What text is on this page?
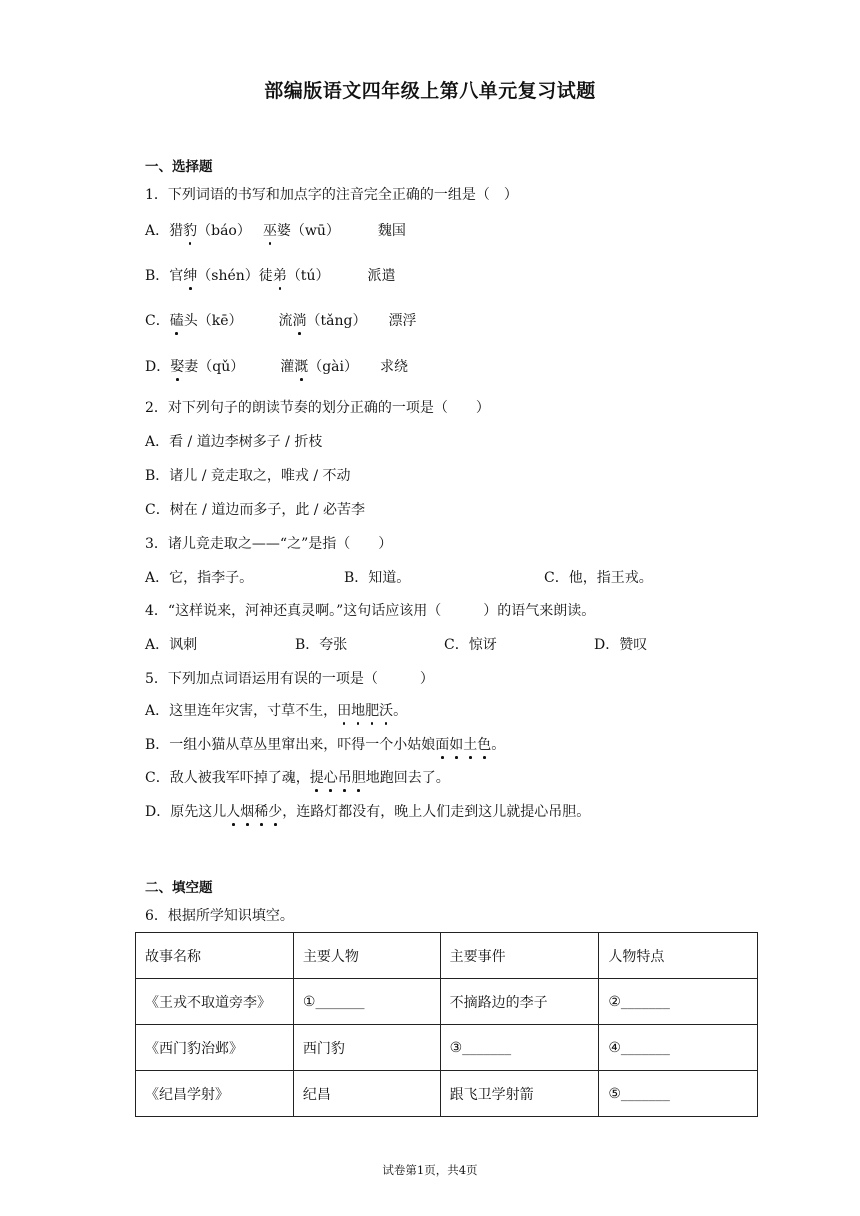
部编版语文四年级上第八单元复习试题
一、选择题
1．下列词语的书写和加点字的注音完全正确的一组是（　）
A．猎豹（báo） 巫婆（wū）	魏国
B．官绅（shén）徒弟（tú）	派遣
C．磕头（kē）	流淌（tǎng） 漂浮
D．娶妻（qǔ）	灌溉（gài） 求绕
2．对下列句子的朗读节奏的划分正确的一项是（　　）
A．看 / 道边李树多子 / 折枝
B．诸儿 / 竞走取之，唯戎 / 不动
C．树在 / 道边而多子，此 / 必苦李
3．诸儿竞走取之——“之”是指（　　）
A．它，指李子。	B．知道。	C．他，指王戎。
4．“这样说来，河神还真灵啊。”这句话应该用（　　　）的语气来朗读。
A．讽刺	B．夸张	C．惊讶	D．赞叹
5．下列加点词语运用有误的一项是（　　　）
A．这里连年灾害，寸草不生，田地肥沃。
B．一组小猫从草丛里窜出来，吓得一个小姑娘面如土色。
C．敌人被我军吓掉了魂，提心吊胆地跑回去了。
D．原先这儿人烟稀少，连路灯都没有，晚上人们走到这儿就提心吊胆。
二、填空题
6．根据所学知识填空。
故事名称	主要人物	主要事件	人物特点
《王戎不取道旁李》	①_______	不摘路边的李子	②_______
《西门豹治邺》	西门豹	③_______	④_______
《纪昌学射》	纪昌	跟飞卫学射箭	⑤_______
试卷第1页，共4页
